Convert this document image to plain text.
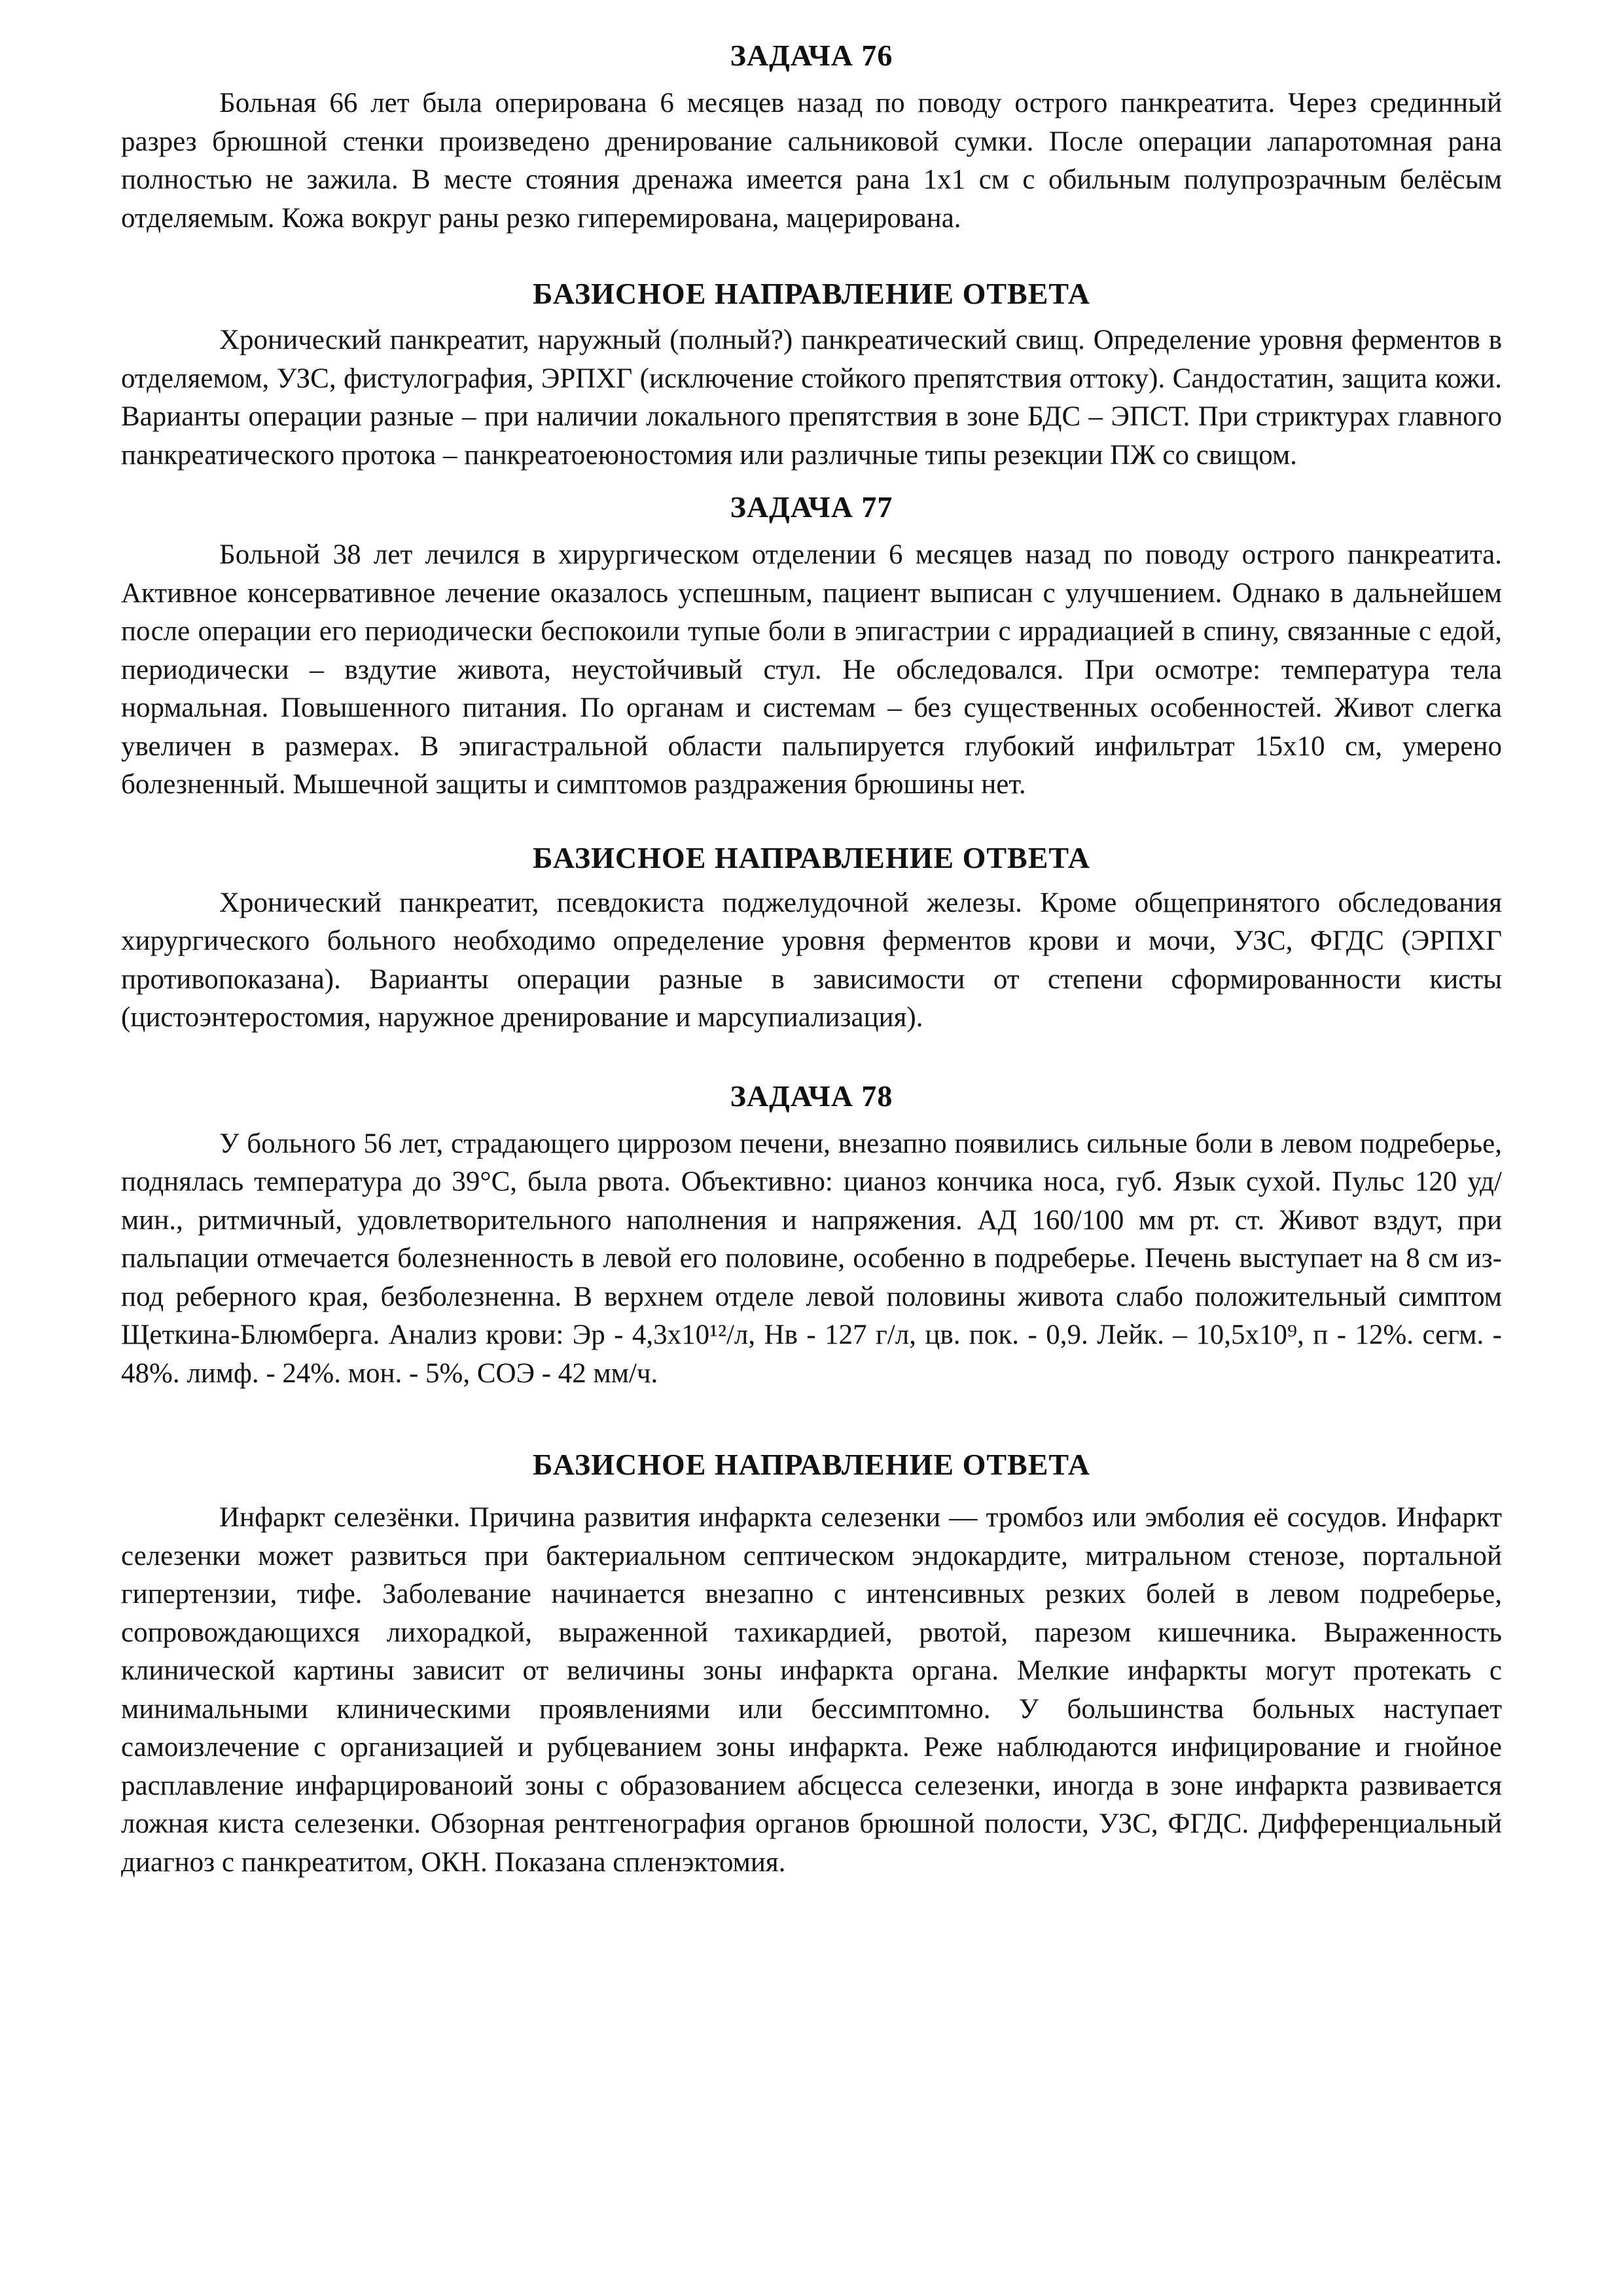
ЗАДАЧА 76

Больная 66 лет была оперирована 6 месяцев назад по поводу острого панкреатита. Через срединный разрез брюшной стенки произведено дренирование сальниковой сумки. После операции лапаротомная рана полностью не зажила. В месте стояния дренажа имеется рана 1х1 см с обильным полупрозрачным белёсым отделяемым. Кожа вокруг раны резко гиперемирована, мацерирована.

БАЗИСНОЕ НАПРАВЛЕНИЕ ОТВЕТА

Хронический панкреатит, наружный (полный?) панкреатический свищ. Определение уровня ферментов в отделяемом, УЗС, фистулография, ЭРПХГ (исключение стойкого препятствия оттоку). Сандостатин, защита кожи. Варианты операции разные – при наличии локального препятствия в зоне БДС – ЭПСТ. При стриктурах главного панкреатического протока – панкреатоеюностомия или различные типы резекции ПЖ со свищом.

ЗАДАЧА 77

Больной 38 лет лечился в хирургическом отделении 6 месяцев назад по поводу острого панкреатита. Активное консервативное лечение оказалось успешным, пациент выписан с улучшением. Однако в дальнейшем после операции его периодически беспокоили тупые боли в эпигастрии с иррадиацией в спину, связанные с едой, периодически – вздутие живота, неустойчивый стул. Не обследовался. При осмотре: температура тела нормальная. Повышенного питания. По органам и системам – без существенных особенностей. Живот слегка увеличен в размерах. В эпигастральной области пальпируется глубокий инфильтрат 15х10 см, умерено болезненный. Мышечной защиты и симптомов раздражения брюшины нет.

БАЗИСНОЕ НАПРАВЛЕНИЕ ОТВЕТА

Хронический панкреатит, псевдокиста поджелудочной железы. Кроме общепринятого обследования хирургического больного необходимо определение уровня ферментов крови и мочи, УЗС, ФГДС (ЭРПХГ противопоказана). Варианты операции разные в зависимости от степени сформированности кисты (цистоэнтеростомия, наружное дренирование и марсупиализация).

ЗАДАЧА 78

У больного 56 лет, страдающего циррозом печени, внезапно появились сильные боли в левом подреберье, поднялась температура до 39°С, была рвота. Объективно: цианоз кончика носа, губ. Язык сухой. Пульс 120 уд/мин., ритмичный, удовлетворительного наполнения и напряжения. АД 160/100 мм рт. ст. Живот вздут, при пальпации отмечается болезненность в левой его половине, особенно в подреберье. Печень выступает на 8 см из-под реберного края, безболезненна. В верхнем отделе левой половины живота слабо положительный симптом Щеткина-Блюмберга. Анализ крови: Эр - 4,3х10¹²/л, Нв - 127 г/л, цв. пок. - 0,9. Лейк. – 10,5х10⁹, п - 12%. сегм. - 48%. лимф. - 24%. мон. - 5%, СОЭ - 42 мм/ч.

БАЗИСНОЕ НАПРАВЛЕНИЕ ОТВЕТА

Инфаркт селезёнки. Причина развития инфаркта селезенки — тромбоз или эмболия её сосудов. Инфаркт селезенки может развиться при бактериальном септическом эндокардите, митральном стенозе, портальной гипертензии, тифе. Заболевание начинается внезапно с интенсивных резких болей в левом подреберье, сопровождающихся лихорадкой, выраженной тахикардией, рвотой, парезом кишечника. Выраженность клинической картины зависит от величины зоны инфаркта органа. Мелкие инфаркты могут протекать с минимальными клиническими проявлениями или бессимптомно. У большинства больных наступает самоизлечение с организацией и рубцеванием зоны инфаркта. Реже наблюдаются инфицирование и гнойное расплавление инфарцированоий зоны с образованием абсцесса селезенки, иногда в зоне инфаркта развивается ложная киста селезенки. Обзорная рентгенография органов брюшной полости, УЗС, ФГДС. Дифференциальный диагноз с панкреатитом, ОКН. Показана спленэктомия.
